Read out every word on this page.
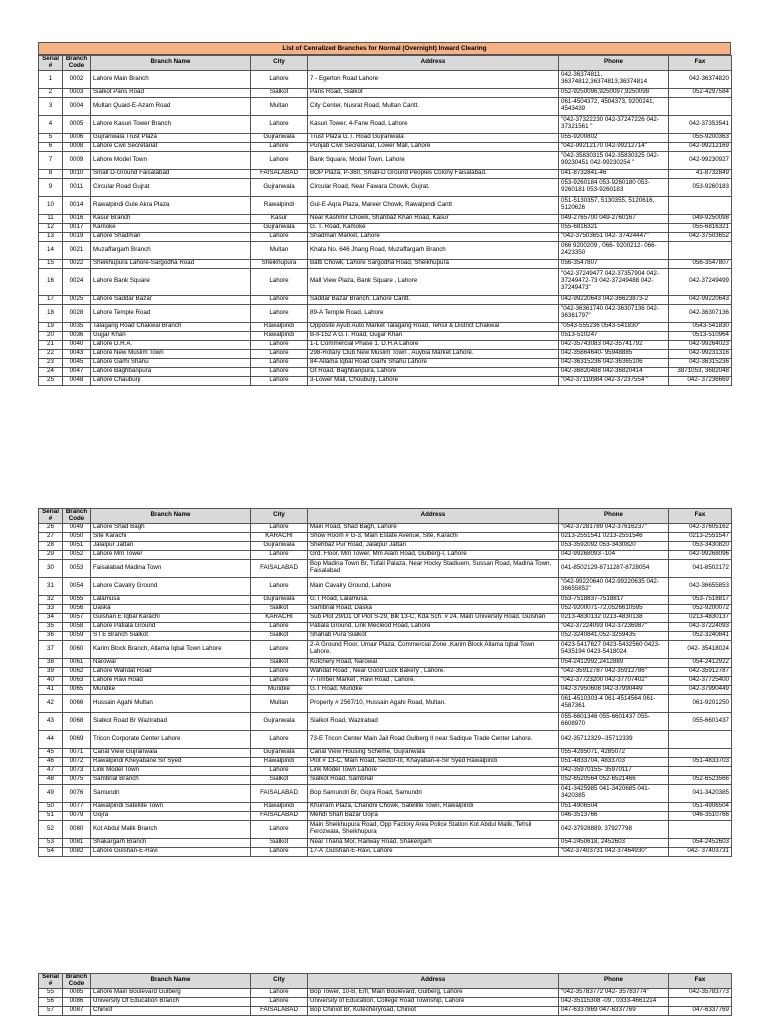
List of Cenralized Branches for Normal (Overnight) Inward Clearing
Serial #	Branch Code	Branch Name	City	Address	Phone	Fax
1	0002	Lahore Main Branch	Lahore	7 - Egerton Road Lahore	042-36374811, 36374812,36374813,36374814	042-36374820
2	0003	Sialkot Paris Road	Sialkot	Paris Road, Sialkot	052-9250096,9250097,9250098	052-4297584
3	0004	Multan Quaid-E-Azam Road	Multan	City Center, Nusrat Road, Multan Cantt.	061-4504372, 4504373, 9200241, 4543439	
4	0005	Lahore Kasuri Tower Branch	Lahore	Kasuri Tower, 4-Fane Road, Lahore	"042-37322230 042-37247226 042-37321561 "	042-37353541
5	0006	Gujranwala Trust Plaza	Gujranwala	Trust Plaza G.T. Road Gujranwala	055-9200802	055-9200363
6	0008	Lahore Civil Secretariat	Lahore	Punjab Civil Secretariat, Lower Mall, Lahore	"042-99212170 042-99212714"	042-99212169
7	0009	Lahore Model Town	Lahore	Bank Square, Model Town, Lahore	"042-35830315 042-35830325 042-99230451 042-99230254 "	042-99230927
8	0010	Small D-Ground Faisalabad	FAISALABAD	BOP Plaza, P-360, Small-D Ground Peoples Colony Faisalabad.	041-8732841-46	41-8732849
9	0011	Circular Road Gujrat	Gujranwala	Circular Road, Near Fawara Chowk, Gujrat.	053-9260184 053-9260180 053-9260181 053-9260183	053-9260183
10	0014	Rawalpindi Gule Akra Plaza	Rawalpindi	Gul-E-Aqra Plaza, Mareer Chowk, Rawalpindi Cantt	051-5130357, 5130355, 5120616, 5120626	
11	0016	Kasur Branch	Kasur	Near Kashmir Chowk, Shahbaz Khan Road, Kasur	049-2765700 049-2760167	049-9250098
12	0017	Kamoke	Gujranwala	G. T. Road, Kamoke	055-6816321	055-6816321
13	0019	Lahore Shadman	Lahore	Shadman Market, Lahore	"042-37503651 042- 37424447"	042-37503652
14	0021	Muzaffargarh Branch	Multan	Khata No. 646 Jhang Road, Muzaffargarh Branch	066 9200209 , 066- 9200212- 066-2423350	
15	0022	Sheikhupura Lahore-Sargodha Road	Sheikhupura	Batti Chowk, Lahore Sargodha Road, Sheikhupura	056-3547807	056-3547807
16	0024	Lahore Bank Square	Lahore	Mall View Plaza, Bank Square , Lahore	"042-37249477 042-37357904 042-37249472-73 042-37249488 042-37249473"	042-37249499
17	0025	Lahore Saddar Bazar	Lahore	Saddar Bazar Branch, Lahore Cantt.	042-99220643 042-36623873-2	042-99220643
18	0028	Lahore Temple Road	Lahore	89-A Temple Road, Lahore	"042-36361740 042-36307136 042-36361797"	042-36307136
19	0035	Talagang Road Chakwal Branch	Rawalpindi	Opposite Ayub Auto Market Talagang Road, Tehsil & District Chakwal	"0543-555236 0543-541830"	0543-541830
20	0036	Gujjar Khan	Rawalpindi	B-ll-152 A G.T. Road, Gujjar Khan	0513-510247	0513-510964
21	0040	Lahore D.H.A.	Lahore	1-L Commercial Phase 1, D.H.A Lahore	042-35743083 042-35741792	042-99264023
22	0043	Lahore New Muslim Town	Lahore	298-Rotary Club New Muslim Town , Auybia Market Lahore.	042-35864640- 95948885	042-99231316
23	0045	Lahore Garhi Shahu	Lahore	84-Allama Iqbal Road Garhi Shahu Lahore	042-36315236 042-36365106	042-36315236
24	0047	Lahore Baghbanpura	Lahore	Gt Road, Baghbanpura, Lahore	042-36820488 042-36820414	3871053, 3682048
25	0048	Lahore Chauburji	Lahore	3-Lower Mall, Chouburji, Lahore	"042-37119984 042-37237554 "	042- 37236669
Serial #	Branch Code	Branch Name	City	Address	Phone	Fax
26	0049	Lahore Shad Bagh	Lahore	Main Road, Shad Bagh, Lahore	"042-37281789 042-37616237"	042-37605162
27	0050	Site Karachi	KARACHI	Show Room # G-3, Main Estate Avenue, Site, Karachi	0213-2551541 0213-2551546	0213-2551547
28	0051	Jalalpur Jattan	Gujranwala	Shehbaz Pur Road, Jalalpur Jattan	053-3592092 053-3430820	053-3430820
29	0052	Lahore Mm Tower	Lahore	Grd. Floor, Mm Tower, Mm Alam Road, Gulberg-I, Lahore	042-99268093 -104	042-99268096
30	0053	Faisalabad Madina Town	FAISALABAD	Bop Madina Town Br, Tufail Palaza, Near Hocky Stadiuem, Sussan Road, Madina Town, Faisalabad	041-8502129-8711287-8728054	041-8502172
31	0054	Lahore Cavalry Ground	Lahore	Main Cavalry Ground, Lahore	"042-99220640 042-99220635 042-36655852"	042-36655853
32	0055	Lalamusa	Gujranwala	G.T Road, Lalamusa.	053-7518837-7518817	053-7518817
33	0056	Daska	Sialkot	Sambrial Road, Daska	052-9200071-72,0526610595	052-9200072
34	0057	Gulshan E Iqbal Karachi	KARACHI	Sub Plot 29/D1 Of Plot S-29, Blk 13-C, Kda Sch. # 24, Main University Road. Gulshan	0213-4830132 0213-4830138	0213-4830137
35	0058	Lahore Patiala Ground	Lahore	Patiala Ground, Link Mecleod Road, Lahore	"042-37224093 042-37236987"	042-37224093
36	0059	S I E Branch Sialkot	Sialkot	Shahab Pura Sialkot	052-3240841,052-3259435	052-3240841
37	0060	Karim Block Branch, Allama Iqbal Town Lahore	Lahore	2-A Ground Floor, Umair Plaza, Commercial Zone ,Karim Block Allama Iqbal Town Lahore.	0423-5417627 0423-5432560 0423-5435194 0423-5418024	042- 35418024
38	0061	Narowal	Sialkot	Kutchery Road, Narowal	054-2412992,2412889	054-2412922
39	0062	Lahore Wahdat Road	Lahore	Wahdat Road , Near Good Luck Bakery , Lahore.	"042-35912787 042-35912786"	042-35912787
40	0063	Lahore Ravi Road	Lahore	7-Timber Market , Ravi Road , Lahore.	"042-37723200 042-37707402"	042-37725400
41	0065	Muridke	Muridke	G.T Road, Muridke	042-37950608 042-37990449	042-37990449
42	0066	Hussain Agahi Multan	Multan	Property # 2567/10, Hussain Agahi Road, Multan.	061-4510303-4 061-4514564 061-4587361	061-9201250
43	0068	Sialkot Road Br Wazirabad	Gujranwala	Sialkot Road, Wazirabad	055-6601346 055-6601437 055-6608970	055-6601437
44	0069	Tricon Corporate Center Lahore	Lahore	73-E Tricon Center Main Jail Road Gulberg II near Sadique Trade Center Lahore.	042-35712329--35712339	
45	0071	Canal View Gujranwala	Gujranwala	Canal View Housing Scheme, Gujranwala	055-4285071, 4285072	
46	0072	Rawalpindi Kheyabane Sir Syed	Rawalpindi	Plot # 13-C, Main Road, Sector-III, Khayaban-e-Sir Syed Rawalpindi	051-4833704, 4833703	051-4833703
47	0073	Link Model Town	Lahore	Link Model Town Lahore	042-35970155- 35970117	
48	0075	Sambrial Branch	Sialkot	Sialkot Road, Sambrial	052-6520564 052-6521466	052-6523566
49	0076	Samundri	FAISALABAD	Bop Samundri Br, Gojra Road, Samundri	041-3425985 041-3420685 041-3420385	041-3420385
50	0077	Rawalpindi Satellite Town	Rawalpindi	Khurram Plaza, Chandni Chowk, Satellite Town, Rawalpindi	051-4906504	051-4906504
51	0079	Gojra	FAISALABAD	Mehdi Shah Bazar Gojra	046-3513766	046-3510766
52	0080	Kot Abdul Malik Branch	Lahore	Main Sheikhupura Road, Opp Factory Area Police Station Kot Abdul Malik, Tehsil Ferozwala, Sheikhupura	042-37928889, 37927798	
53	0081	Shakargarh Branch	Sialkot	Near Thana Mor, Railway Road, Shakergarh	054-2450618, 2452603	054-2452603
54	0082	Lahore Gulshan-E-Ravi	Lahore	17-A ,Gulshan-E-Ravi, Lahore	"042-37403731 042-37464930"	042- 37403731
Serial #	Branch Code	Branch Name	City	Address	Phone	Fax
55	0085	Lahore Main Boulevard Gulberg	Lahore	Bop Tower, 10-B, E/II, Main Boulevard, Gulberg, Lahore	"042-35783772 042- 35783774"	042-35783773
56	0086	University Of Education Branch	Lahore	University of Education, College Road Township, Lahore	042-35115308 -09 , 0333-4661214	
57	0087	Chiniot	FAISALABAD	Bop Chiniot Br, Kutecheryroad, Chiniot	047-6337869 047-6337769	047-6337769
